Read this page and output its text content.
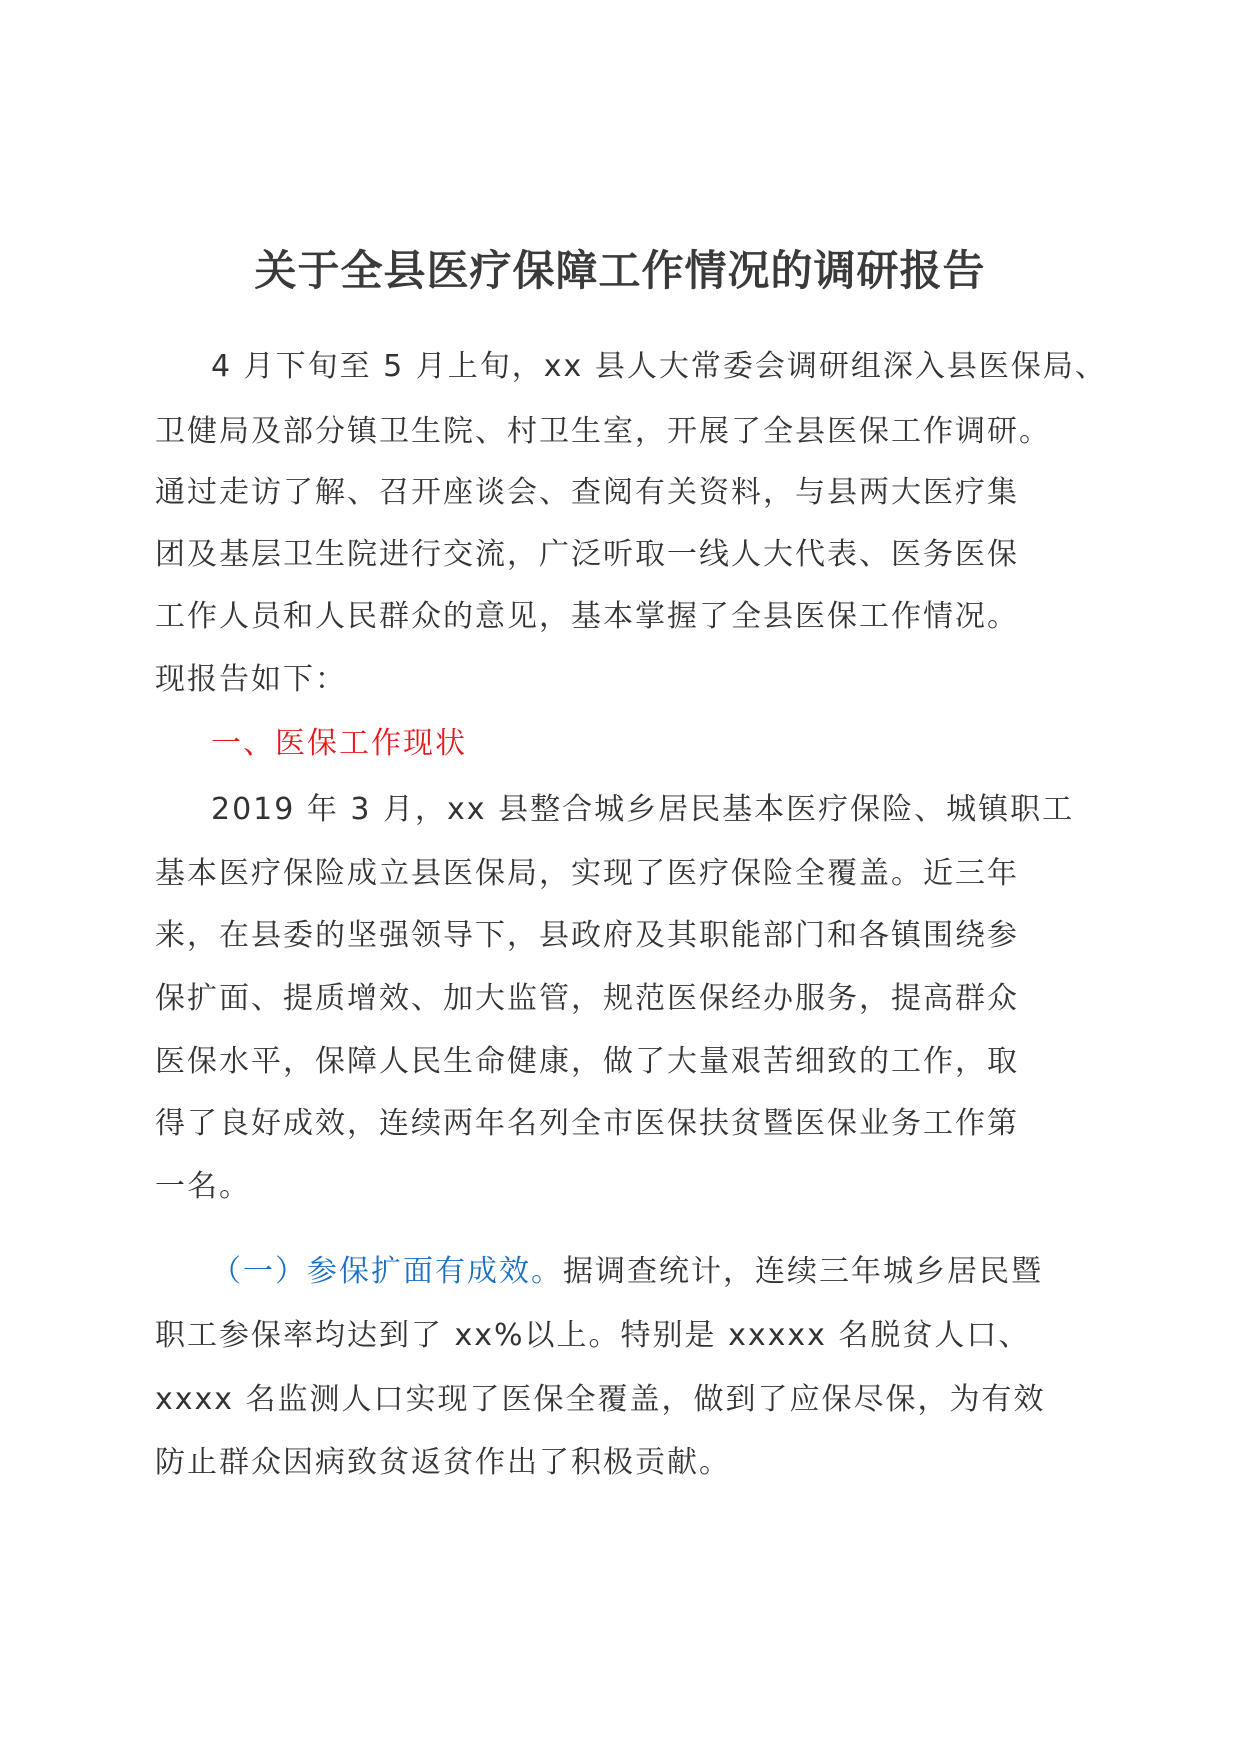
关于全县医疗保障工作情况的调研报告
4 月下旬至 5 月上旬，xx 县人大常委会调研组深入县医保局、
卫健局及部分镇卫生院、村卫生室，开展了全县医保工作调研。
通过走访了解、召开座谈会、查阅有关资料，与县两大医疗集
团及基层卫生院进行交流，广泛听取一线人大代表、医务医保
工作人员和人民群众的意见，基本掌握了全县医保工作情况。
现报告如下：
一、医保工作现状
2019 年 3 月，xx 县整合城乡居民基本医疗保险、城镇职工
基本医疗保险成立县医保局，实现了医疗保险全覆盖。近三年
来，在县委的坚强领导下，县政府及其职能部门和各镇围绕参
保扩面、提质增效、加大监管，规范医保经办服务，提高群众
医保水平，保障人民生命健康，做了大量艰苦细致的工作，取
得了良好成效，连续两年名列全市医保扶贫暨医保业务工作第
一名。
（一）参保扩面有成效。据调查统计，连续三年城乡居民暨
职工参保率均达到了 xx%以上。特别是 xxxxx 名脱贫人口、
xxxx 名监测人口实现了医保全覆盖，做到了应保尽保，为有效
防止群众因病致贫返贫作出了积极贡献。
